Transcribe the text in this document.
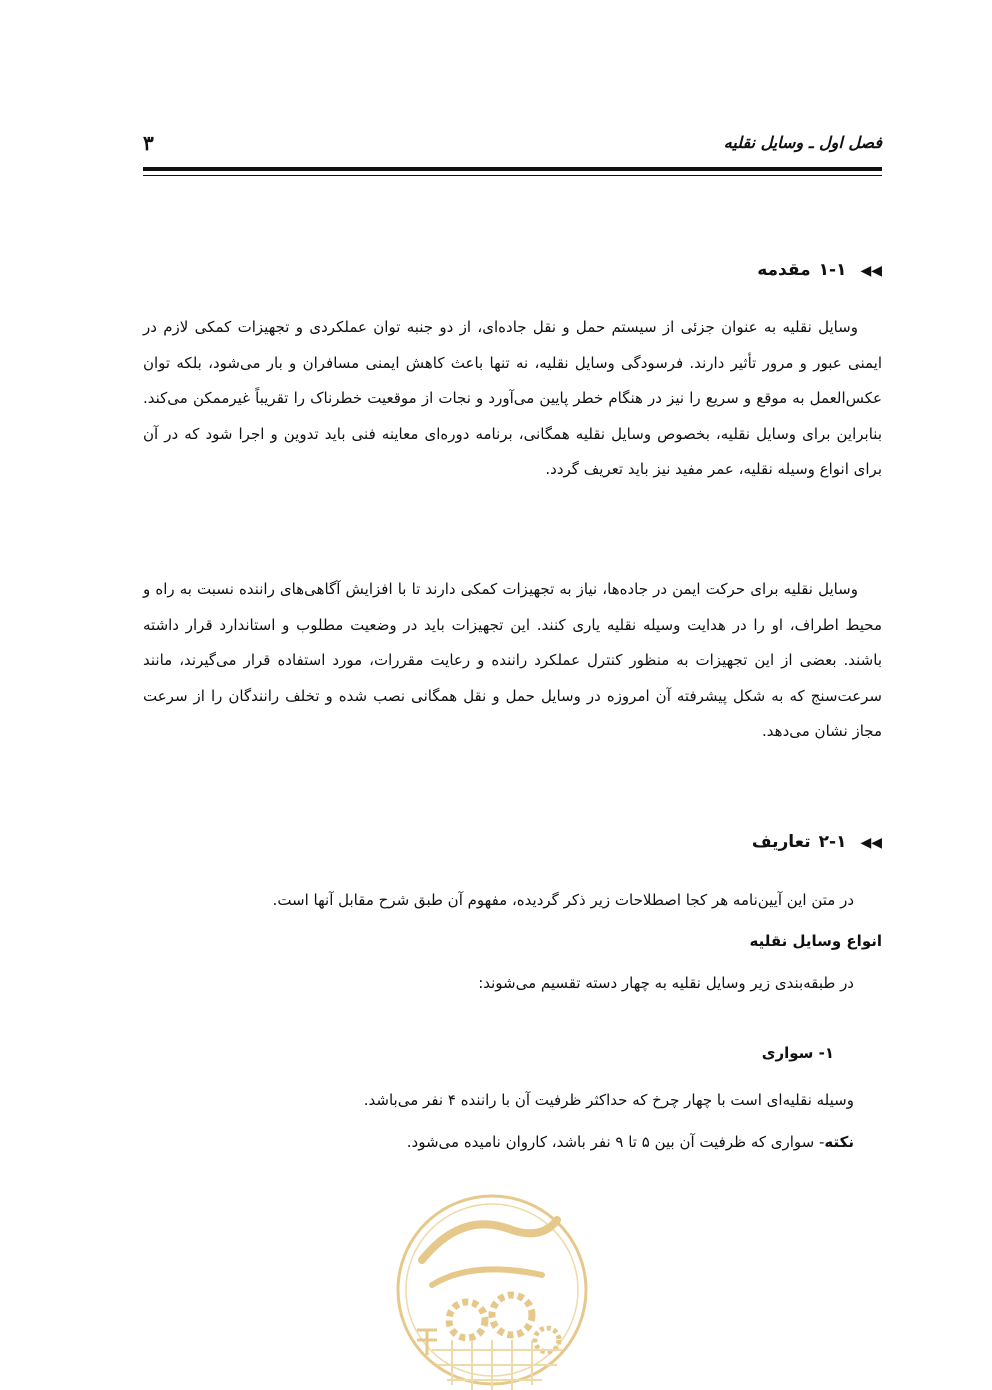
فصل اول ـ وسایل نقلیه
۳
◀◀۱-۱مقدمه

وسایل نقلیه به عنوان جزئی از سیستم حمل و نقل جاده‌ای، از دو جنبه توان عملکردی و تجهیزات کمکی لازم در ایمنی عبور و مرور تأثیر دارند. فرسودگی وسایل نقلیه، نه تنها باعث کاهش ایمنی مسافران و بار می‌شود، بلکه توان عکس‌العمل به موقع و سریع را نیز در هنگام خطر پایین می‌آورد و نجات از موقعیت خطرناک را تقریباً غیرممکن می‌کند. بنابراین برای وسایل نقلیه، بخصوص وسایل نقلیه همگانی، برنامه دوره‌ای معاینه فنی باید تدوین و اجرا شود که در آن برای انواع وسیله نقلیه، عمر مفید نیز باید تعریف گردد.

وسایل نقلیه برای حرکت ایمن در جاده‌ها، نیاز به تجهیزات کمکی دارند تا با افزایش آگاهی‌های راننده نسبت به راه و محیط اطراف، او را در هدایت وسیله نقلیه یاری کنند. این تجهیزات باید در وضعیت مطلوب و استاندارد قرار داشته باشند. بعضی از این تجهیزات به منظور کنترل عملکرد راننده و رعایت مقررات، مورد استفاده قرار می‌گیرند، مانند سرعت‌سنج که به شکل پیشرفته آن امروزه در وسایل حمل و نقل همگانی نصب شده و تخلف رانندگان را از سرعت مجاز نشان می‌دهد.

◀◀۲-۱تعاریف
در متن این آیین‌نامه هر کجا اصطلاحات زیر ذکر گردیده، مفهوم آن طبق شرح مقابل آنها است.
انواع وسایل نقلیه
در طبقه‌بندی زیر وسایل نقلیه به چهار دسته تقسیم می‌شوند:
۱- سواری
وسیله نقلیه‌ای است با چهار چرخ که حداکثر ظرفیت آن با راننده ۴ نفر می‌باشد.
نکته- سواری که ظرفیت آن بین ۵ تا ۹ نفر باشد، کاروان نامیده می‌شود.
